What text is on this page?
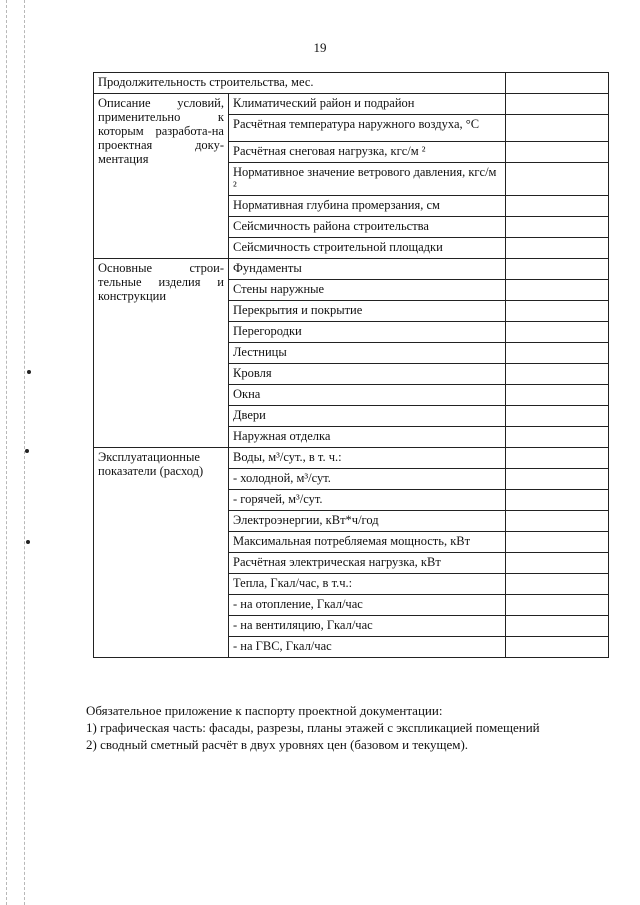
19
Продолжительность строительства, мес.		
Описание условий, применительно к которым разработа-на проектная доку-ментация	Климатический район и подрайон	
	Расчётная температура наружного воздуха, °С	
	Расчётная снеговая нагрузка, кгс/м ²	
	Нормативное значение ветрового давления, кгс/м ²	
	Нормативная глубина промерзания, см	
	Сейсмичность района строительства	
	Сейсмичность строительной площадки	
Основные строи-тельные изделия и конструкции	Фундаменты	
	Стены наружные	
	Перекрытия и покрытие	
	Перегородки	
	Лестницы	
	Кровля	
	Окна	
	Двери	
	Наружная отделка	
Эксплуатационные показатели (расход)	Воды, м³/сут., в т. ч.:	
	- холодной, м³/сут.	
	- горячей, м³/сут.	
	Электроэнергии, кВт*ч/год	
	Максимальная потребляемая мощность, кВт	
	Расчётная электрическая нагрузка, кВт	
	Тепла, Гкал/час, в т.ч.:	
	- на отопление, Гкал/час	
	- на вентиляцию, Гкал/час	
	- на ГВС, Гкал/час	
Обязательное приложение к паспорту проектной документации:
1) графическая часть: фасады, разрезы, планы этажей с экспликацией помещений
2) сводный сметный расчёт в двух уровнях цен (базовом и текущем).
